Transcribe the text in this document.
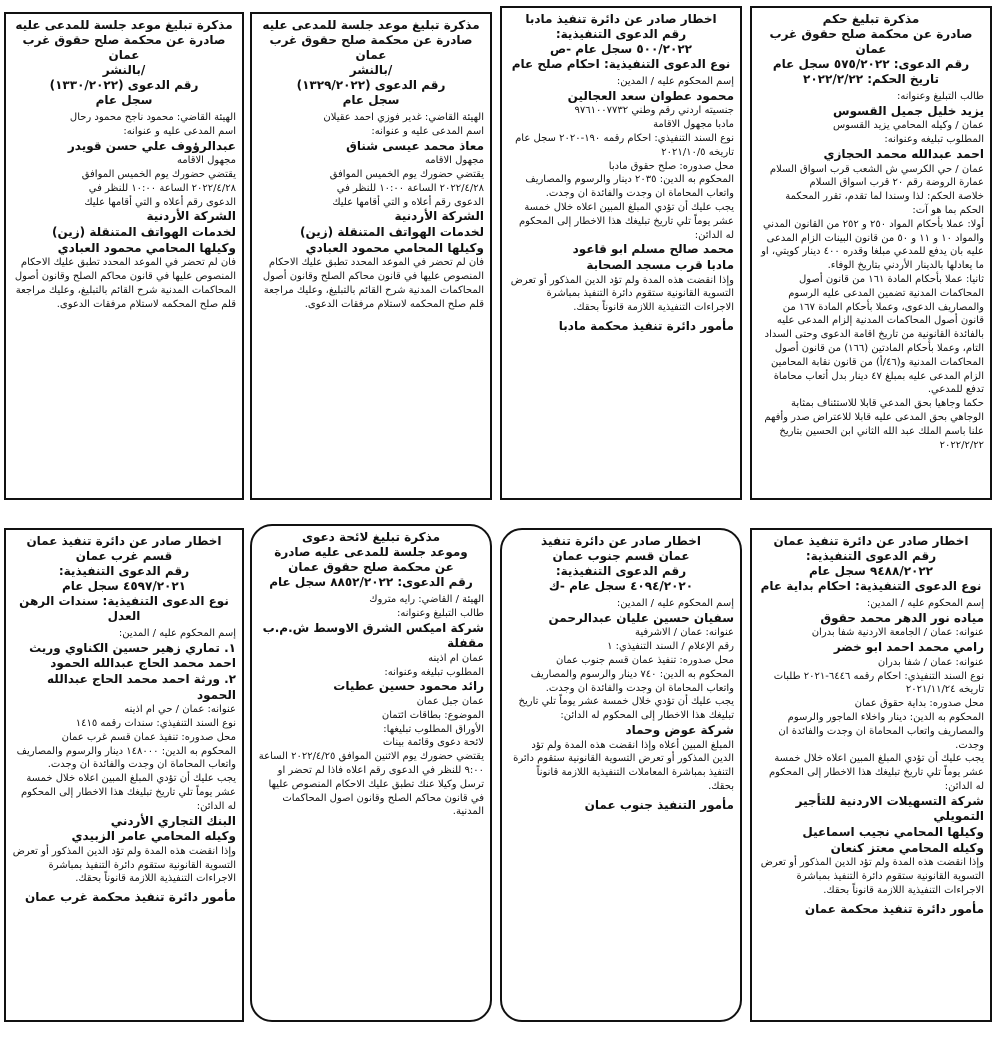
مذكرة تبليغ حكم
صادرة عن محكمة صلح حقوق غرب عمان
رقم الدعوى: ٥٧٥/٢٠٢٢ سجل عام
تاريخ الحكم: ٢٠٢٢/٢/٢٢
طالب التبليغ وعنوانه:
يزيد خليل جميل القسوس
عمان / وكيله المحامي يزيد القسوس
المطلوب تبليغه وعنوانه:
احمد عبدالله محمد الحجازي
عمان / حي الكرسي ش الشعب قرب اسواق السلام
عمارة الروضة رقم ٢٠ قرب اسواق السلام
خلاصة الحكم: لذا وسندا لما تقدم، تقرر المحكمة
الحكم بما هو آت:
أولا: عملا بأحكام المواد ٢٥٠ و ٢٥٢ من القانون المدني والمواد ١٠ و ١١ و ٥٠ من قانون البينات الزام المدعى عليه بان يدفع للمدعي مبلغا وقدره ٤٠٠ دينار كويتي، او ما يعادلها بالدينار الأردني بتاريخ الوفاء.
ثانيا: عملا بأحكام المادة ١٦١ من قانون أصول المحاكمات المدنية تضمين المدعى عليه الرسوم والمصاريف الدعوى، وعملا بأحكام المادة ١٦٧ من قانون أصول المحاكمات المدنية إلزام المدعى عليه بالفائدة القانونية من تاريخ اقامة الدعوى وحتى السداد التام، وعملا بأحكام المادتين (١٦٦) من قانون أصول المحاكمات المدنية و(٤٦/أ) من قانون نقابة المحامين الزام المدعى عليه بمبلغ ٤٧ دينار بدل أتعاب محاماة تدفع للمدعي.
حكما وجاهيا بحق المدعي قابلا للاستئناف بمثابة الوجاهي بحق المدعى عليه قابلا للاعتراض صدر وأفهم علنا باسم الملك عبد الله الثاني ابن الحسين بتاريخ ٢٠٢٢/٢/٢٢
اخطار صادر عن دائرة تنفيذ مادبا
رقم الدعوى التنفيذية:
٥٠٠/٢٠٢٢ سجل عام -ص
نوع الدعوى التنفيذية: احكام صلح عام
إسم المحكوم عليه / المدين:
محمود عطوان سعد العجالين
جنسيته اردني رقم وطني ٩٧٦١٠٠٧٧٣٢
مادبا مجهول الاقامة
نوع السند التنفيذي: احكام رقمه ١٩٠-٢٠٢٠ سجل عام تاريخه ٢٠٢١/١٠/٥
محل صدوره: صلح حقوق مادبا
المحكوم به الدين: ٢٠٣٥ دينار والرسوم والمصاريف واتعاب المحاماة ان وجدت والفائدة ان وجدت.
يجب عليك أن تؤدي المبلغ المبين اعلاه خلال خمسة عشر يوماً تلي تاريخ تبليغك هذا الاخطار إلى المحكوم له الدائن:
محمد صالح مسلم ابو قاعود
مادبا قرب مسجد الصحابة
وإذا انقضت هذه المدة ولم تؤد الدين المذكور أو تعرض التسوية القانونية ستقوم دائرة التنفيذ بمباشرة الاجراءات التنفيذية اللازمة قانوناً بحقك.
مأمور دائرة تنفيذ محكمة مادبا
مذكرة تبليغ موعد جلسة للمدعى عليه
صادرة عن محكمة صلح حقوق غرب عمان
/بالنشر
رقم الدعوى (١٣٢٩/٢٠٢٢)
سجل عام
الهيئة القاضي: غدير فوزي احمد عقيلان
اسم المدعى عليه و عنوانه:
معاذ محمد عيسى شناق
مجهول الاقامه
يقتضي حضورك يوم الخميس الموافق
٢٠٢٢/٤/٢٨ الساعة ١٠:٠٠ للنظر في
الدعوى رقم أعلاه و التي أقامها عليك
الشركة الأردنية
لخدمات الهواتف المتنقلة (زين)
وكيلها المحامي محمود العبادي
فان لم تحضر في الموعد المحدد تطبق عليك الاحكام المنصوص عليها في قانون محاكم الصلح وقانون أصول المحاكمات المدنية شرح القائم بالتبليغ، وعليك مراجعة قلم صلح المحكمه لاستلام مرفقات الدعوى.
مذكرة تبليغ موعد جلسة للمدعى عليه
صادرة عن محكمة صلح حقوق غرب عمان
/بالنشر
رقم الدعوى (١٣٣٠/٢٠٢٢)
سجل عام
الهيئة القاضي: محمود ناجح محمود رحال
اسم المدعى عليه و عنوانه:
عبدالرؤوف علي حسن قويدر
مجهول الاقامه
يقتضي حضورك يوم الخميس الموافق
٢٠٢٢/٤/٢٨ الساعة ١٠:٠٠ للنظر في
الدعوى رقم أعلاه و التي أقامها عليك
الشركة الأردنية
لخدمات الهواتف المتنقلة (زين)
وكيلها المحامي محمود العبادي
فان لم تحضر في الموعد المحدد تطبق عليك الاحكام المنصوص عليها في قانون محاكم الصلح وقانون أصول المحاكمات المدنية شرح القائم بالتبليغ، وعليك مراجعة قلم صلح المحكمه لاستلام مرفقات الدعوى.
اخطار صادر عن دائرة تنفيذ عمان
رقم الدعوى التنفيذية:
٩٤٨٨/٢٠٢٢ سجل عام
نوع الدعوى التنفيذية: احكام بداية عام
إسم المحكوم عليه / المدين:
مياده نور الدهر محمد حقوق
عنوانه: عمان / الجامعة الاردنية شفا بدران
رامي محمد احمد ابو خضر
عنوانه: عمان / شفا بدران
نوع السند التنفيذي: احكام رقمه ٦٤٤٦-٢٠٢١ طلبات تاريخه ٢٠٢١/١١/٢٤
محل صدوره: بداية حقوق عمان
المحكوم به الدين: دينار واخلاء الماجور والرسوم والمصاريف واتعاب المحاماة ان وجدت والفائدة ان وجدت.
يجب عليك أن تؤدي المبلغ المبين اعلاه خلال خمسة عشر يوماً تلي تاريخ تبليغك هذا الاخطار إلى المحكوم له الدائن:
شركة التسهيلات الاردنية للتأجير التمويلي
وكيلها المحامي نجيب اسماعيل
وكيله المحامي معتز كنعان
وإذا انقضت هذه المدة ولم تؤد الدين المذكور أو تعرض التسوية القانونية ستقوم دائرة التنفيذ بمباشرة الاجراءات التنفيذية اللازمة قانوناً بحقك.
مأمور دائرة تنفيذ محكمة عمان
اخطار صادر عن دائرة تنفيذ
عمان قسم جنوب عمان
رقم الدعوى التنفيذية:
٤٠٩٤/٢٠٢٠ سجل عام -ك
إسم المحكوم عليه / المدين:
سفيان حسين عليان عبدالرحمن
عنوانه: عمان / الاشرفية
رقم الإعلام / السند التنفيذي: ١
محل صدوره: تنفيذ عمان قسم جنوب عمان
المحكوم به الدين: ٧٤٠ دينار والرسوم والمصاريف واتعاب المحاماة ان وجدت والفائدة ان وجدت.
يجب عليك أن تؤدي خلال خمسة عشر يوماً تلي تاريخ تبليغك هذا الاخطار إلى المحكوم له الدائن:
شركة عوض وحماد
المبلغ المبين أعلاه وإذا انقضت هذه المدة ولم تؤد الدين المذكور أو تعرض التسوية القانونية ستقوم دائرة التنفيذ بمباشرة المعاملات التنفيذية اللازمة قانوناً بحقك.
مأمور التنفيذ جنوب عمان
مذكرة تبليغ لائحة دعوى
وموعد جلسة للمدعى عليه صادرة
عن محكمة صلح حقوق عمان
رقم الدعوى: ٨٨٥٢/٢٠٢٢ سجل عام
الهيئة / القاضي: رايه متروك
طالب التبليغ وعنوانه:
شركة اميكس الشرق الاوسط ش.م.ب
مقفلة
عمان ام اذينه
المطلوب تبليغه وعنوانه:
رائد محمود حسين عطيات
عمان جبل عمان
الموضوع: بطاقات ائتمان
الأوراق المطلوب تبليغها:
لائحة دعوى وقائمة بينات
يقتضي حضورك يوم الاثنين الموافق ٢٠٢٢/٤/٢٥ الساعة ٩:٠٠ للنظر في الدعوى رقم اعلاه فاذا لم تحضر او ترسل وكيلا عنك تطبق عليك الاحكام المنصوص عليها في قانون محاكم الصلح وقانون اصول المحاكمات المدنية.
اخطار صادر عن دائرة تنفيذ عمان
قسم غرب عمان
رقم الدعوى التنفيذية:
٤٥٩٧/٢٠٢١ سجل عام
نوع الدعوى التنفيذية: سندات الرهن العدل
إسم المحكوم عليه / المدين:
١. تماري زهير حسين الكناوي وريث احمد محمد الحاج عبدالله الحمود
٢. ورثة احمد محمد الحاج عبدالله الحمود
عنوانه: عمان / حي ام اذينه
نوع السند التنفيذي: سندات رقمه ١٤١٥
محل صدوره: تنفيذ عمان قسم غرب عمان
المحكوم به الدين: ١٤٨٠٠٠ دينار والرسوم والمصاريف واتعاب المحاماة ان وجدت والفائدة ان وجدت.
يجب عليك أن تؤدي المبلغ المبين اعلاه خلال خمسة عشر يوماً تلي تاريخ تبليغك هذا الاخطار إلى المحكوم له الدائن:
البنك التجاري الأردني
وكيله المحامي عامر الزبيدي
وإذا انقضت هذه المدة ولم تؤد الدين المذكور أو تعرض التسوية القانونية ستقوم دائرة التنفيذ بمباشرة الاجراءات التنفيذية اللازمة قانوناً بحقك.
مأمور دائرة تنفيذ محكمة غرب عمان
